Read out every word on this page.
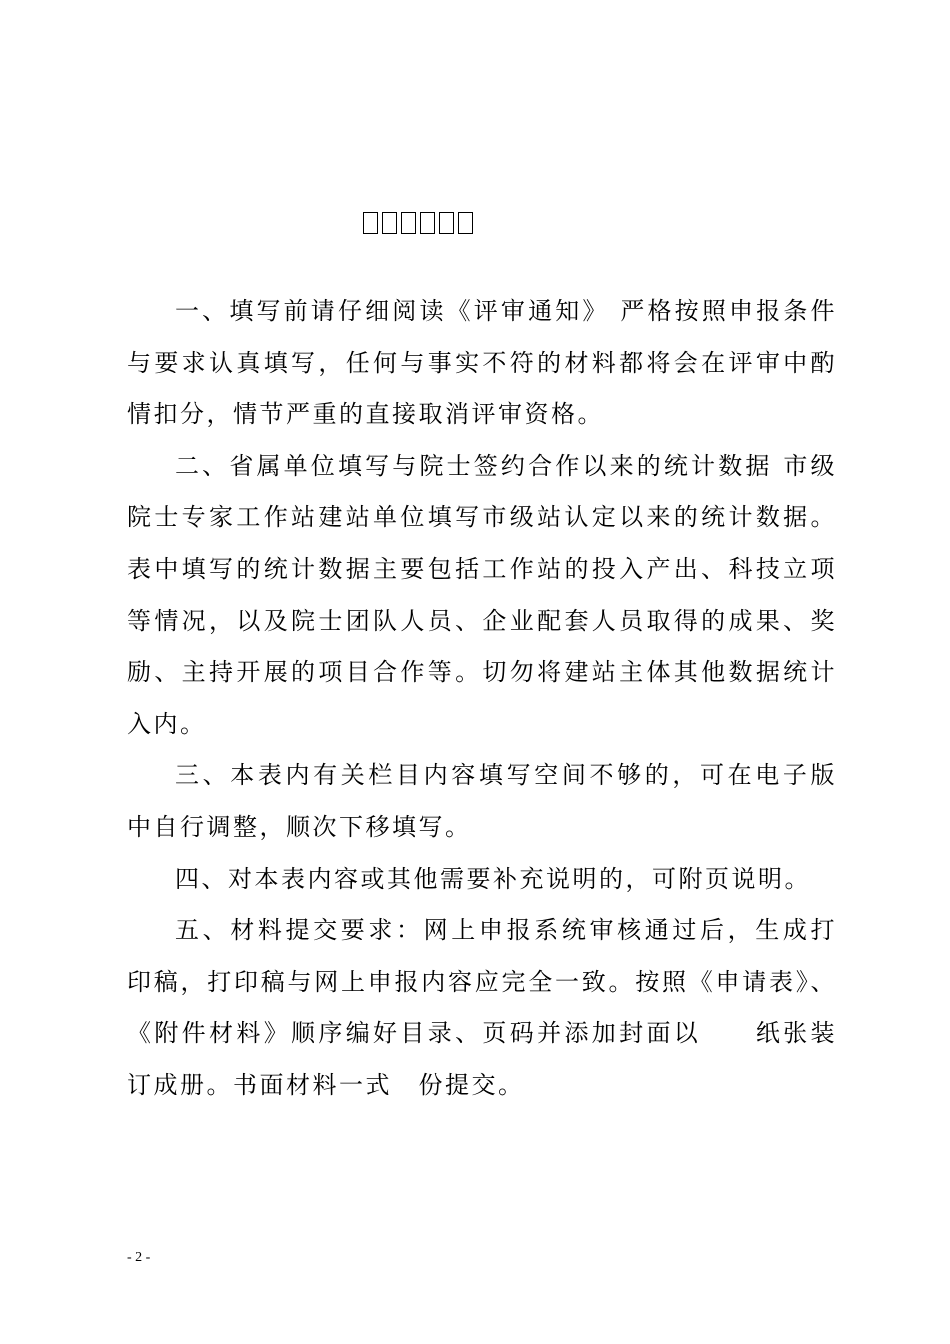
一、填写前请仔细阅读《评审通知》 严格按照申报条件与要求认真填写，任何与事实不符的材料都将会在评审中酌情扣分，情节严重的直接取消评审资格。

二、省属单位填写与院士签约合作以来的统计数据 市级院士专家工作站建站单位填写市级站认定以来的统计数据。表中填写的统计数据主要包括工作站的投入产出、科技立项等情况，以及院士团队人员、企业配套人员取得的成果、奖励、主持开展的项目合作等。切勿将建站主体其他数据统计入内。

三、本表内有关栏目内容填写空间不够的，可在电子版中自行调整，顺次下移填写。

四、对本表内容或其他需要补充说明的，可附页说明。

五、材料提交要求：网上申报系统审核通过后，生成打印稿，打印稿与网上申报内容应完全一致。按照《申请表》、《附件材料》顺序编好目录、页码并添加封面以　　纸张装订成册。书面材料一式　份提交。

- 2 -
